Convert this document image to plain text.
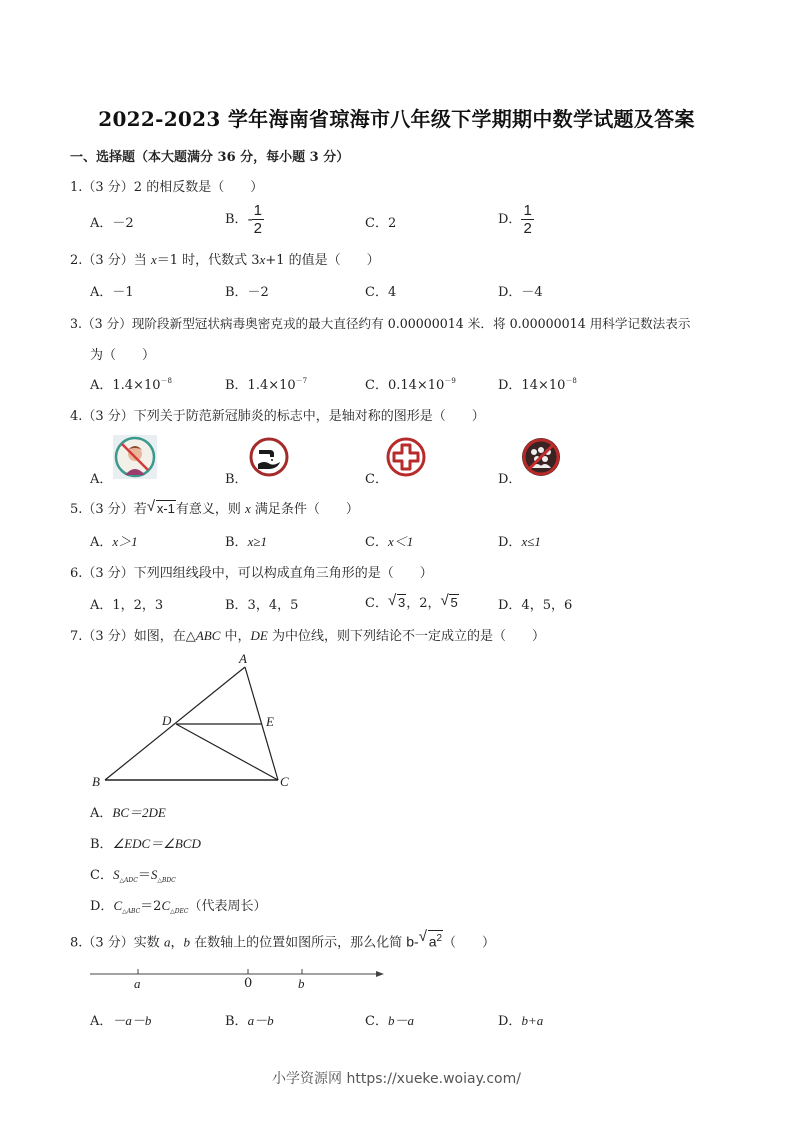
2022-2023 学年海南省琼海市八年级下学期期中数学试题及答案
一、选择题（本大题满分 36 分，每小题 3 分）
1.（3 分）2 的相反数是（　　）
A．－2	B．- $\frac{1}{2}$	C．2	D． $\frac{1}{2}$
2.（3 分）当 x＝1 时，代数式 3x+1 的值是（　　）
A．－1	B．－2	C．4	D．－4
3.（3 分）现阶段新型冠状病毒奥密克戎的最大直径约有 0.00000014 米．将 0.00000014 用科学记数法表示
为（　　）
A．$1.4\times 10^{-8}$	B．$1.4\times 10^{-7}$	C．$0.14\times 10^{-9}$	D．$14\times 10^{-8}$
4.（3 分）下列关于防范新冠肺炎的标志中，是轴对称的图形是（　　）
A．	B．	C．	D．
5.（3 分）若 √ x-1有意义，则 x 满足条件（　　）
A．x＞1	B．x≥1	C．x＜1	D．x≤1
6.（3 分）下列四组线段中，可以构成直角三角形的是（　　）
A．1，2，3	B．3，4，5	C． √ 3，2， √ 5	D．4，5，6
7.（3 分）如图，在△ABC 中，DE 为中位线，则下列结论不一定成立的是（　　）
A
D	E
B	C
A．BC＝2DE
B．∠EDC＝∠BCD
C．$S_{\triangle ADC}=S_{\triangle BDC}$
D．$C_{\triangle ABC}=2C_{\triangle DEC}$（代表周长）
8.（3 分）实数 a，b 在数轴上的位置如图所示，那么化简 b- √ $a^2$（　　）
a	0	b
A．－a－b	B．a－b	C．b－a	D．b+a
小学资源网 https://xueke.woiay.com/
